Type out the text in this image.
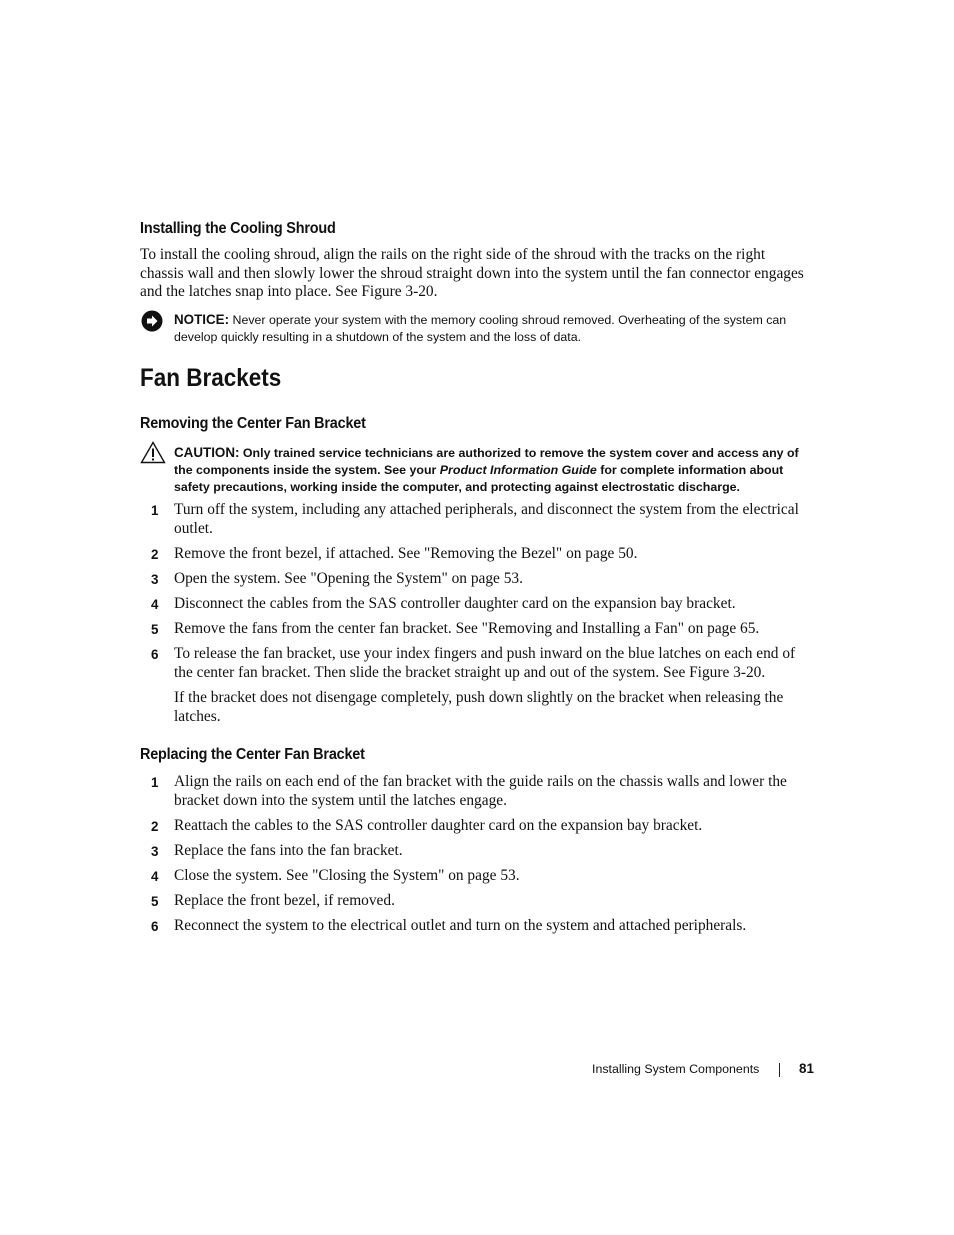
Installing the Cooling Shroud
To install the cooling shroud, align the rails on the right side of the shroud with the tracks on the right chassis wall and then slowly lower the shroud straight down into the system until the fan connector engages and the latches snap into place. See Figure 3-20.
NOTICE: Never operate your system with the memory cooling shroud removed. Overheating of the system can develop quickly resulting in a shutdown of the system and the loss of data.
Fan Brackets
Removing the Center Fan Bracket
CAUTION: Only trained service technicians are authorized to remove the system cover and access any of the components inside the system. See your Product Information Guide for complete information about safety precautions, working inside the computer, and protecting against electrostatic discharge.
1 Turn off the system, including any attached peripherals, and disconnect the system from the electrical outlet.
2 Remove the front bezel, if attached. See "Removing the Bezel" on page 50.
3 Open the system. See "Opening the System" on page 53.
4 Disconnect the cables from the SAS controller daughter card on the expansion bay bracket.
5 Remove the fans from the center fan bracket. See "Removing and Installing a Fan" on page 65.
6 To release the fan bracket, use your index fingers and push inward on the blue latches on each end of the center fan bracket. Then slide the bracket straight up and out of the system. See Figure 3-20.
If the bracket does not disengage completely, push down slightly on the bracket when releasing the latches.
Replacing the Center Fan Bracket
1 Align the rails on each end of the fan bracket with the guide rails on the chassis walls and lower the bracket down into the system until the latches engage.
2 Reattach the cables to the SAS controller daughter card on the expansion bay bracket.
3 Replace the fans into the fan bracket.
4 Close the system. See "Closing the System" on page 53.
5 Replace the front bezel, if removed.
6 Reconnect the system to the electrical outlet and turn on the system and attached peripherals.
Installing System Components	81
